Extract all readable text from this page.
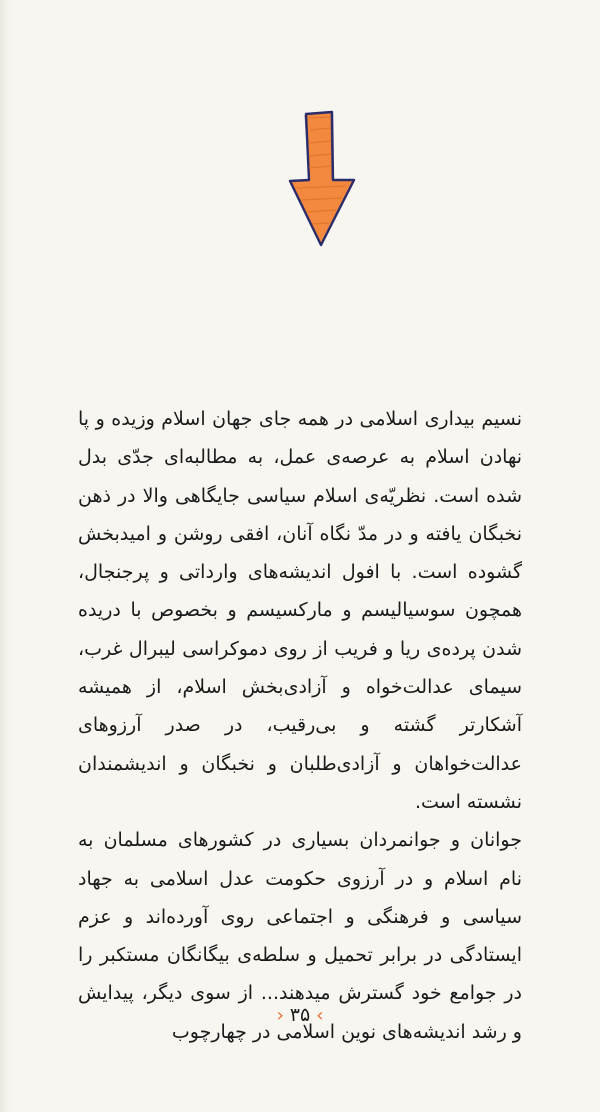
نسیم بیداری اسلامی در همه جای جهان اسلام وزیده و پا نهادن اسلام به عرصه‌ی عمل، به مطالبه‌ای جدّی بدل شده است. نظریّه‌ی اسلام سیاسی جایگاهی والا در ذهن نخبگان یافته و در مدّ نگاه آنان، افقی روشن و امیدبخش گشوده است. با افول اندیشه‌های وارداتی و پرجنجال، همچون سوسیالیسم و مارکسیسم و بخصوص با دریده شدن پرده‌ی ریا و فریب از روی دموکراسی لیبرال غرب، سیمای عدالت‌خواه و آزادی‌بخش اسلام، از همیشه آشکارتر گشته و بی‌رقیب، در صدر آرزوهای عدالت‌خواهان و آزادی‌طلبان و نخبگان و اندیشمندان نشسته است.

جوانان و جوانمردان بسیاری در کشورهای مسلمان به نام اسلام و در آرزوی حکومت عدل اسلامی به جهاد سیاسی و فرهنگی و اجتماعی روی آورده‌اند و عزم ایستادگی در برابر تحمیل و سلطه‌ی بیگانگان مستکبر را در جوامع خود گسترش میدهند... از سوی دیگر، پیدایش و رشد اندیشه‌های نوین اسلامی در چهارچوب

›۳۵‹
